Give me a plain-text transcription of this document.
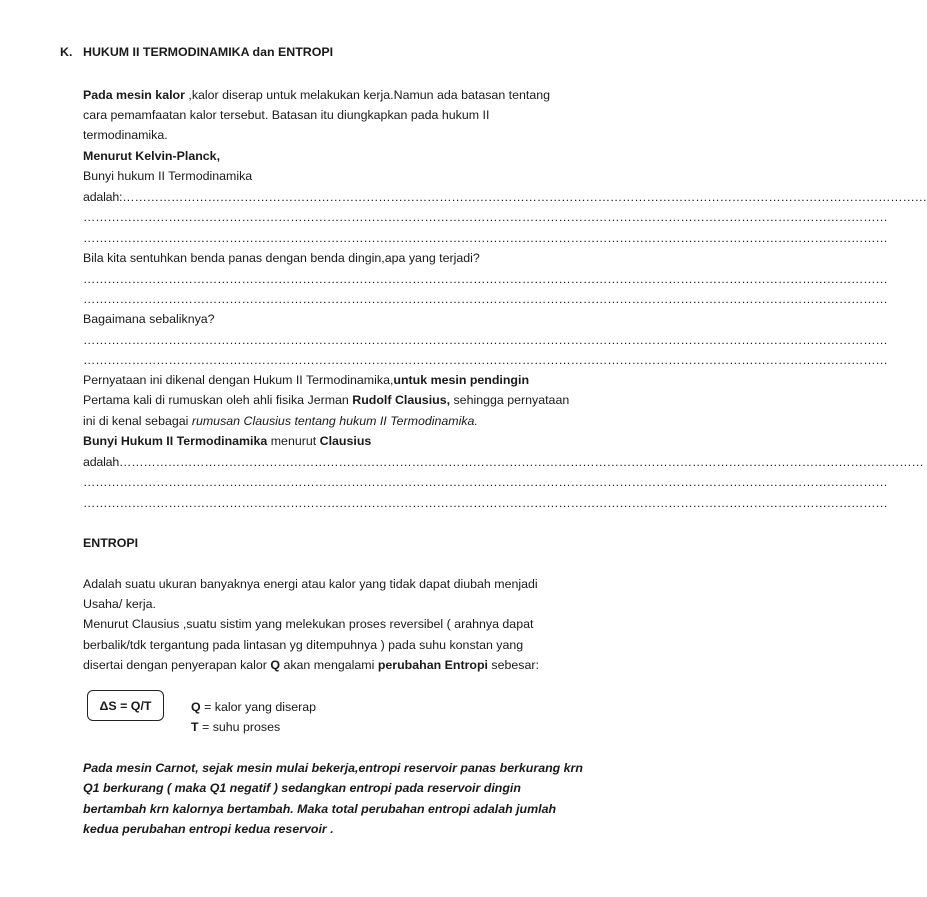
K. HUKUM II TERMODINAMIKA dan ENTROPI
Pada mesin kalor ,kalor diserap untuk melakukan kerja.Namun ada batasan tentang
cara pemamfaatan kalor tersebut. Batasan itu diungkapkan pada hukum II
termodinamika.
Menurut Kelvin-Planck,
Bunyi hukum II Termodinamika
adalah:………………………………………………………………………………………………………………………………………………………………………………
………………………………………………………………………………………………………………………………………………………………………………
………………………………………………………………………………………………………………………………………………………………………………
Bila kita sentuhkan benda panas dengan benda dingin,apa yang terjadi?
………………………………………………………………………………………………………………………………………………………………………………
………………………………………………………………………………………………………………………………………………………………………………
Bagaimana sebaliknya?
………………………………………………………………………………………………………………………………………………………………………………
………………………………………………………………………………………………………………………………………………………………………………
Pernyataan ini dikenal dengan Hukum II Termodinamika,untuk mesin pendingin
Pertama kali di rumuskan oleh ahli fisika Jerman Rudolf Clausius, sehingga pernyataan
ini di kenal sebagai rumusan Clausius tentang hukum II Termodinamika.
Bunyi Hukum II Termodinamika menurut Clausius
adalah………………………………………………………………………………………………………………………………………………………………………………
………………………………………………………………………………………………………………………………………………………………………………
………………………………………………………………………………………………………………………………………………………………………………
ENTROPI
Adalah suatu ukuran banyaknya energi atau kalor yang tidak dapat diubah menjadi
Usaha/ kerja.
Menurut Clausius ,suatu sistim yang melekukan proses reversibel ( arahnya dapat
berbalik/tdk tergantung pada lintasan yg ditempuhnya ) pada suhu konstan yang
disertai dengan penyerapan kalor Q akan mengalami perubahan Entropi sebesar:
ΔS = Q/T	Q = kalor yang diserap
T = suhu proses
Pada mesin Carnot, sejak mesin mulai bekerja,entropi reservoir panas berkurang krn
Q1 berkurang ( maka Q1 negatif ) sedangkan entropi pada reservoir dingin
bertambah krn kalornya bertambah. Maka total perubahan entropi adalah jumlah
kedua perubahan entropi kedua reservoir .
